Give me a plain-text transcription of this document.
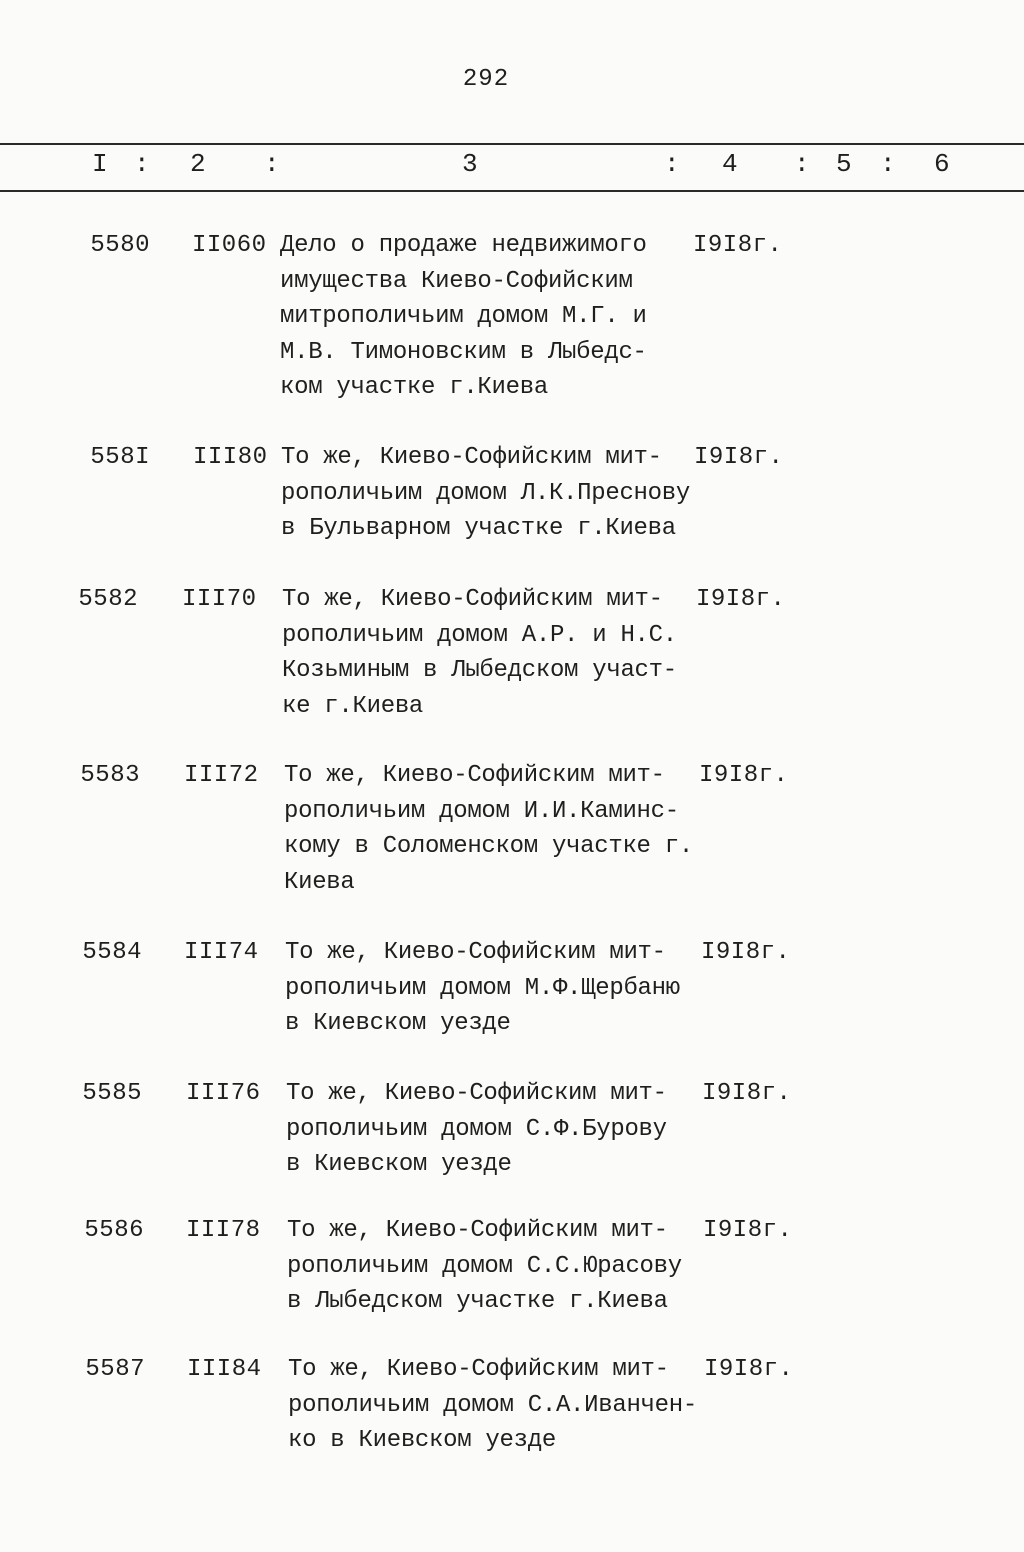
292
I : 2 :	3	: 4 : 5 : 6
5580 II060 Дело о продаже недвижимого
имущества Киево-Софийским
митрополичьим домом М.Г. и
М.В. Тимоновским в Лыбедс-
ком участке г.Киева
I9I8г.
558I III80 То же, Киево-Софийским мит-
рополичьим домом Л.К.Преснову
в Бульварном участке г.Киева
I9I8г.
5582 III70 То же, Киево-Софийским мит-
рополичьим домом А.Р. и Н.С.
Козьминым в Лыбедском участ-
ке г.Киева
I9I8г.
5583 III72 То же, Киево-Софийским мит-
рополичьим домом И.И.Каминс-
кому в Соломенском участке г.
Киева
I9I8г.
5584 III74 То же, Киево-Софийским мит-
рополичьим домом М.Ф.Щербаню
в Киевском уезде
I9I8г.
5585 III76 То же, Киево-Софийским мит-
рополичьим домом С.Ф.Бурову
в Киевском уезде
I9I8г.
5586 III78 То же, Киево-Софийским мит-
рополичьим домом С.С.Юрасову
в Лыбедском участке г.Киева
I9I8г.
5587 III84 То же, Киево-Софийским мит-
рополичьим домом С.А.Иванчен-
ко в Киевском уезде
I9I8г.
